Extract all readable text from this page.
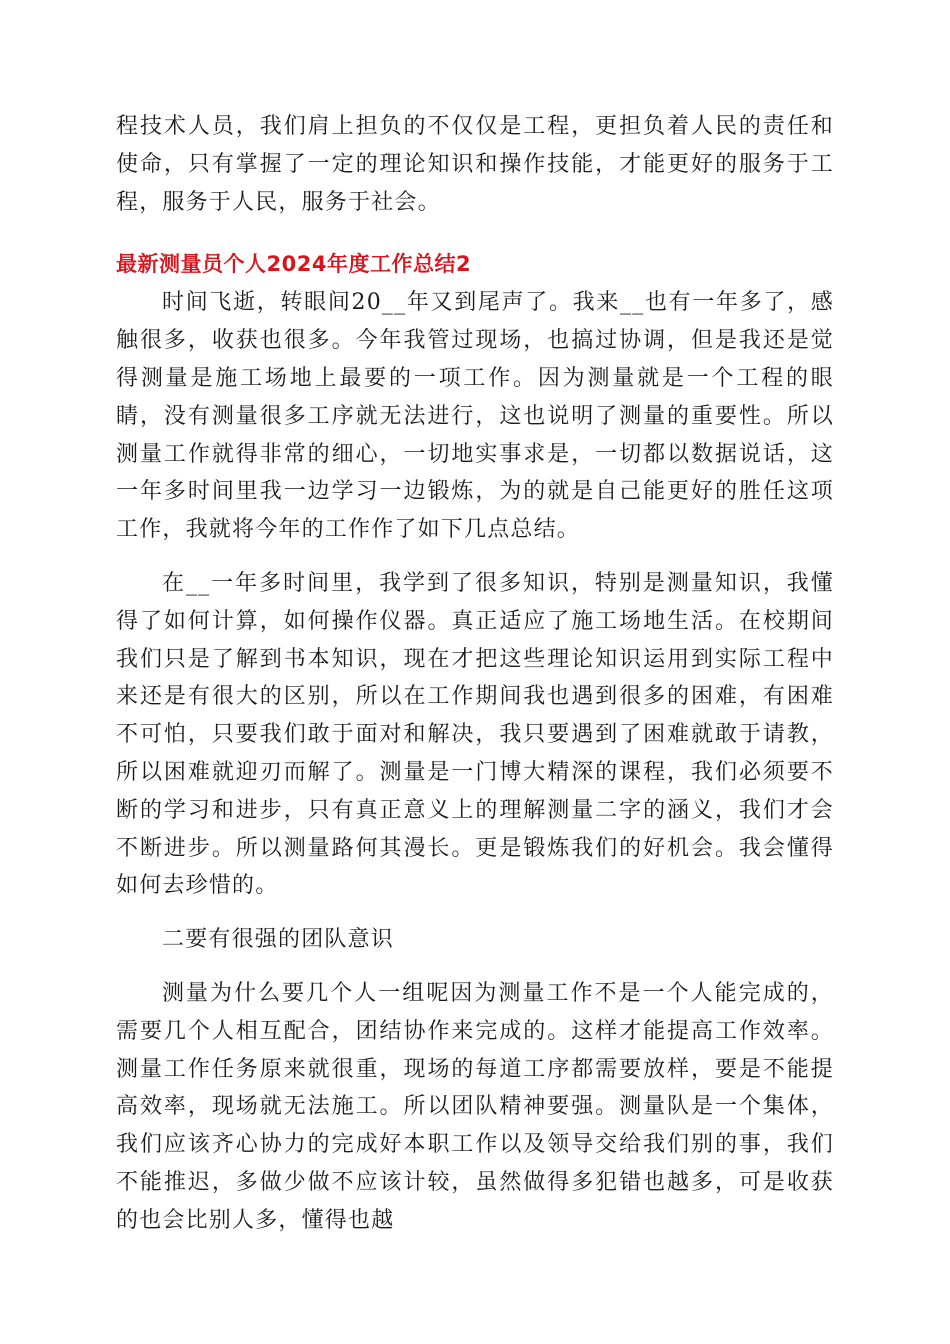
程技术人员，我们肩上担负的不仅仅是工程，更担负着人民的责任和使命，只有掌握了一定的理论知识和操作技能，才能更好的服务于工程，服务于人民，服务于社会。

最新测量员个人2024年度工作总结2

时间飞逝，转眼间20__年又到尾声了。我来__也有一年多了，感触很多，收获也很多。今年我管过现场，也搞过协调，但是我还是觉得测量是施工场地上最要的一项工作。因为测量就是一个工程的眼睛，没有测量很多工序就无法进行，这也说明了测量的重要性。所以测量工作就得非常的细心，一切地实事求是，一切都以数据说话，这一年多时间里我一边学习一边锻炼，为的就是自己能更好的胜任这项工作，我就将今年的工作作了如下几点总结。

在__一年多时间里，我学到了很多知识，特别是测量知识，我懂得了如何计算，如何操作仪器。真正适应了施工场地生活。在校期间我们只是了解到书本知识，现在才把这些理论知识运用到实际工程中来还是有很大的区别，所以在工作期间我也遇到很多的困难，有困难不可怕，只要我们敢于面对和解决，我只要遇到了困难就敢于请教，所以困难就迎刃而解了。测量是一门博大精深的课程，我们必须要不断的学习和进步，只有真正意义上的理解测量二字的涵义，我们才会不断进步。所以测量路何其漫长。更是锻炼我们的好机会。我会懂得如何去珍惜的。

二要有很强的团队意识

测量为什么要几个人一组呢因为测量工作不是一个人能完成的，需要几个人相互配合，团结协作来完成的。这样才能提高工作效率。测量工作任务原来就很重，现场的每道工序都需要放样，要是不能提高效率，现场就无法施工。所以团队精神要强。测量队是一个集体，我们应该齐心协力的完成好本职工作以及领导交给我们别的事，我们不能推迟，多做少做不应该计较，虽然做得多犯错也越多，可是收获的也会比别人多，懂得也越
